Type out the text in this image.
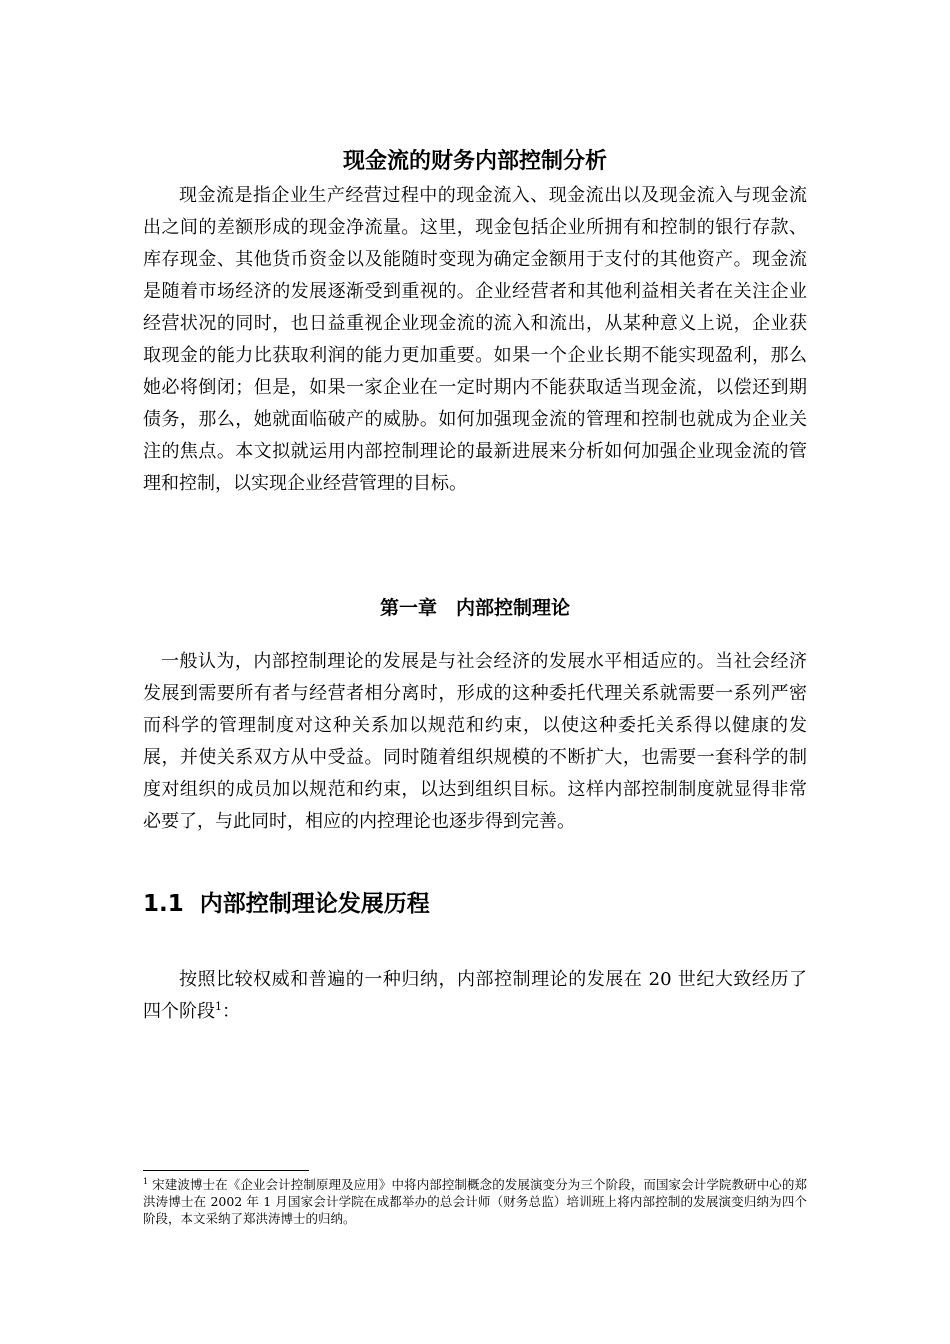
现金流的财务内部控制分析

现金流是指企业生产经营过程中的现金流入、现金流出以及现金流入与现金流出之间的差额形成的现金净流量。这里，现金包括企业所拥有和控制的银行存款、库存现金、其他货币资金以及能随时变现为确定金额用于支付的其他资产。现金流是随着市场经济的发展逐渐受到重视的。企业经营者和其他利益相关者在关注企业经营状况的同时，也日益重视企业现金流的流入和流出，从某种意义上说，企业获取现金的能力比获取利润的能力更加重要。如果一个企业长期不能实现盈利，那么她必将倒闭；但是，如果一家企业在一定时期内不能获取适当现金流，以偿还到期债务，那么，她就面临破产的威胁。如何加强现金流的管理和控制也就成为企业关注的焦点。本文拟就运用内部控制理论的最新进展来分析如何加强企业现金流的管理和控制，以实现企业经营管理的目标。

第一章　内部控制理论

一般认为，内部控制理论的发展是与社会经济的发展水平相适应的。当社会经济发展到需要所有者与经营者相分离时，形成的这种委托代理关系就需要一系列严密而科学的管理制度对这种关系加以规范和约束，以使这种委托关系得以健康的发展，并使关系双方从中受益。同时随着组织规模的不断扩大，也需要一套科学的制度对组织的成员加以规范和约束，以达到组织目标。这样内部控制制度就显得非常必要了，与此同时，相应的内控理论也逐步得到完善。

1.1  内部控制理论发展历程

按照比较权威和普遍的一种归纳，内部控制理论的发展在 20 世纪大致经历了四个阶段$^1$：

$^1$ 宋建波博士在《企业会计控制原理及应用》中将内部控制概念的发展演变分为三个阶段，而国家会计学院教研中心的郑洪涛博士在 2002 年 1 月国家会计学院在成都举办的总会计师（财务总监）培训班上将内部控制的发展演变归纳为四个阶段，本文采纳了郑洪涛博士的归纳。
